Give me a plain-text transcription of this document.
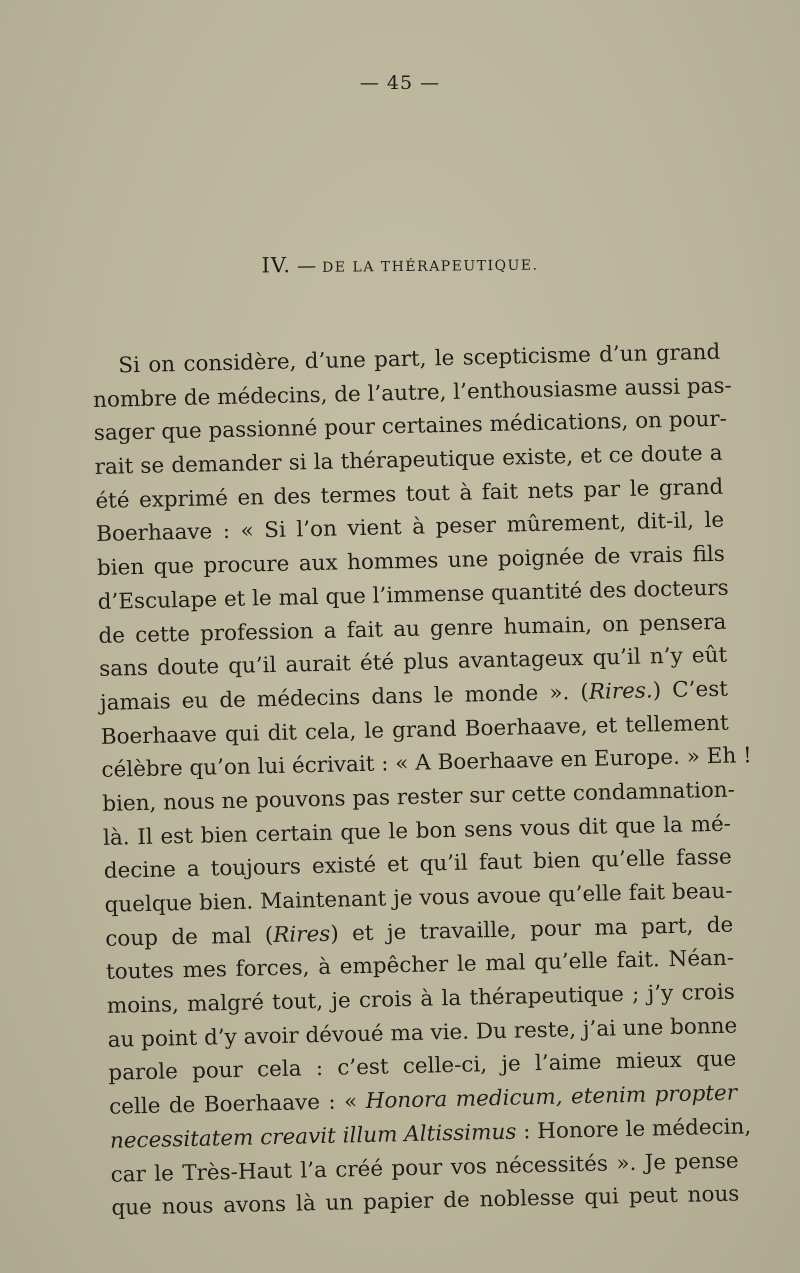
— 45 —
IV. — DE LA THÉRAPEUTIQUE.
Si on considère, d’une part, le scepticisme d’un grand
nombre de médecins, de l’autre, l’enthousiasme aussi pas-
sager que passionné pour certaines médications, on pour-
rait se demander si la thérapeutique existe, et ce doute a
été exprimé en des termes tout à fait nets par le grand
Boerhaave : « Si l’on vient à peser mûrement, dit-il, le
bien que procure aux hommes une poignée de vrais fils
d’Esculape et le mal que l’immense quantité des docteurs
de cette profession a fait au genre humain, on pensera
sans doute qu’il aurait été plus avantageux qu’il n’y eût
jamais eu de médecins dans le monde ». (Rires.) C’est
Boerhaave qui dit cela, le grand Boerhaave, et tellement
célèbre qu’on lui écrivait : « A Boerhaave en Europe. » Eh !
bien, nous ne pouvons pas rester sur cette condamnation-
là. Il est bien certain que le bon sens vous dit que la mé-
decine a toujours existé et qu’il faut bien qu’elle fasse
quelque bien. Maintenant je vous avoue qu’elle fait beau-
coup de mal (Rires) et je travaille, pour ma part, de
toutes mes forces, à empêcher le mal qu’elle fait. Néan-
moins, malgré tout, je crois à la thérapeutique ; j’y crois
au point d’y avoir dévoué ma vie. Du reste, j’ai une bonne
parole pour cela : c’est celle-ci, je l’aime mieux que
celle de Boerhaave : « Honora medicum, etenim propter
necessitatem creavit illum Altissimus : Honore le médecin,
car le Très-Haut l’a créé pour vos nécessités ». Je pense
que nous avons là un papier de noblesse qui peut nous
